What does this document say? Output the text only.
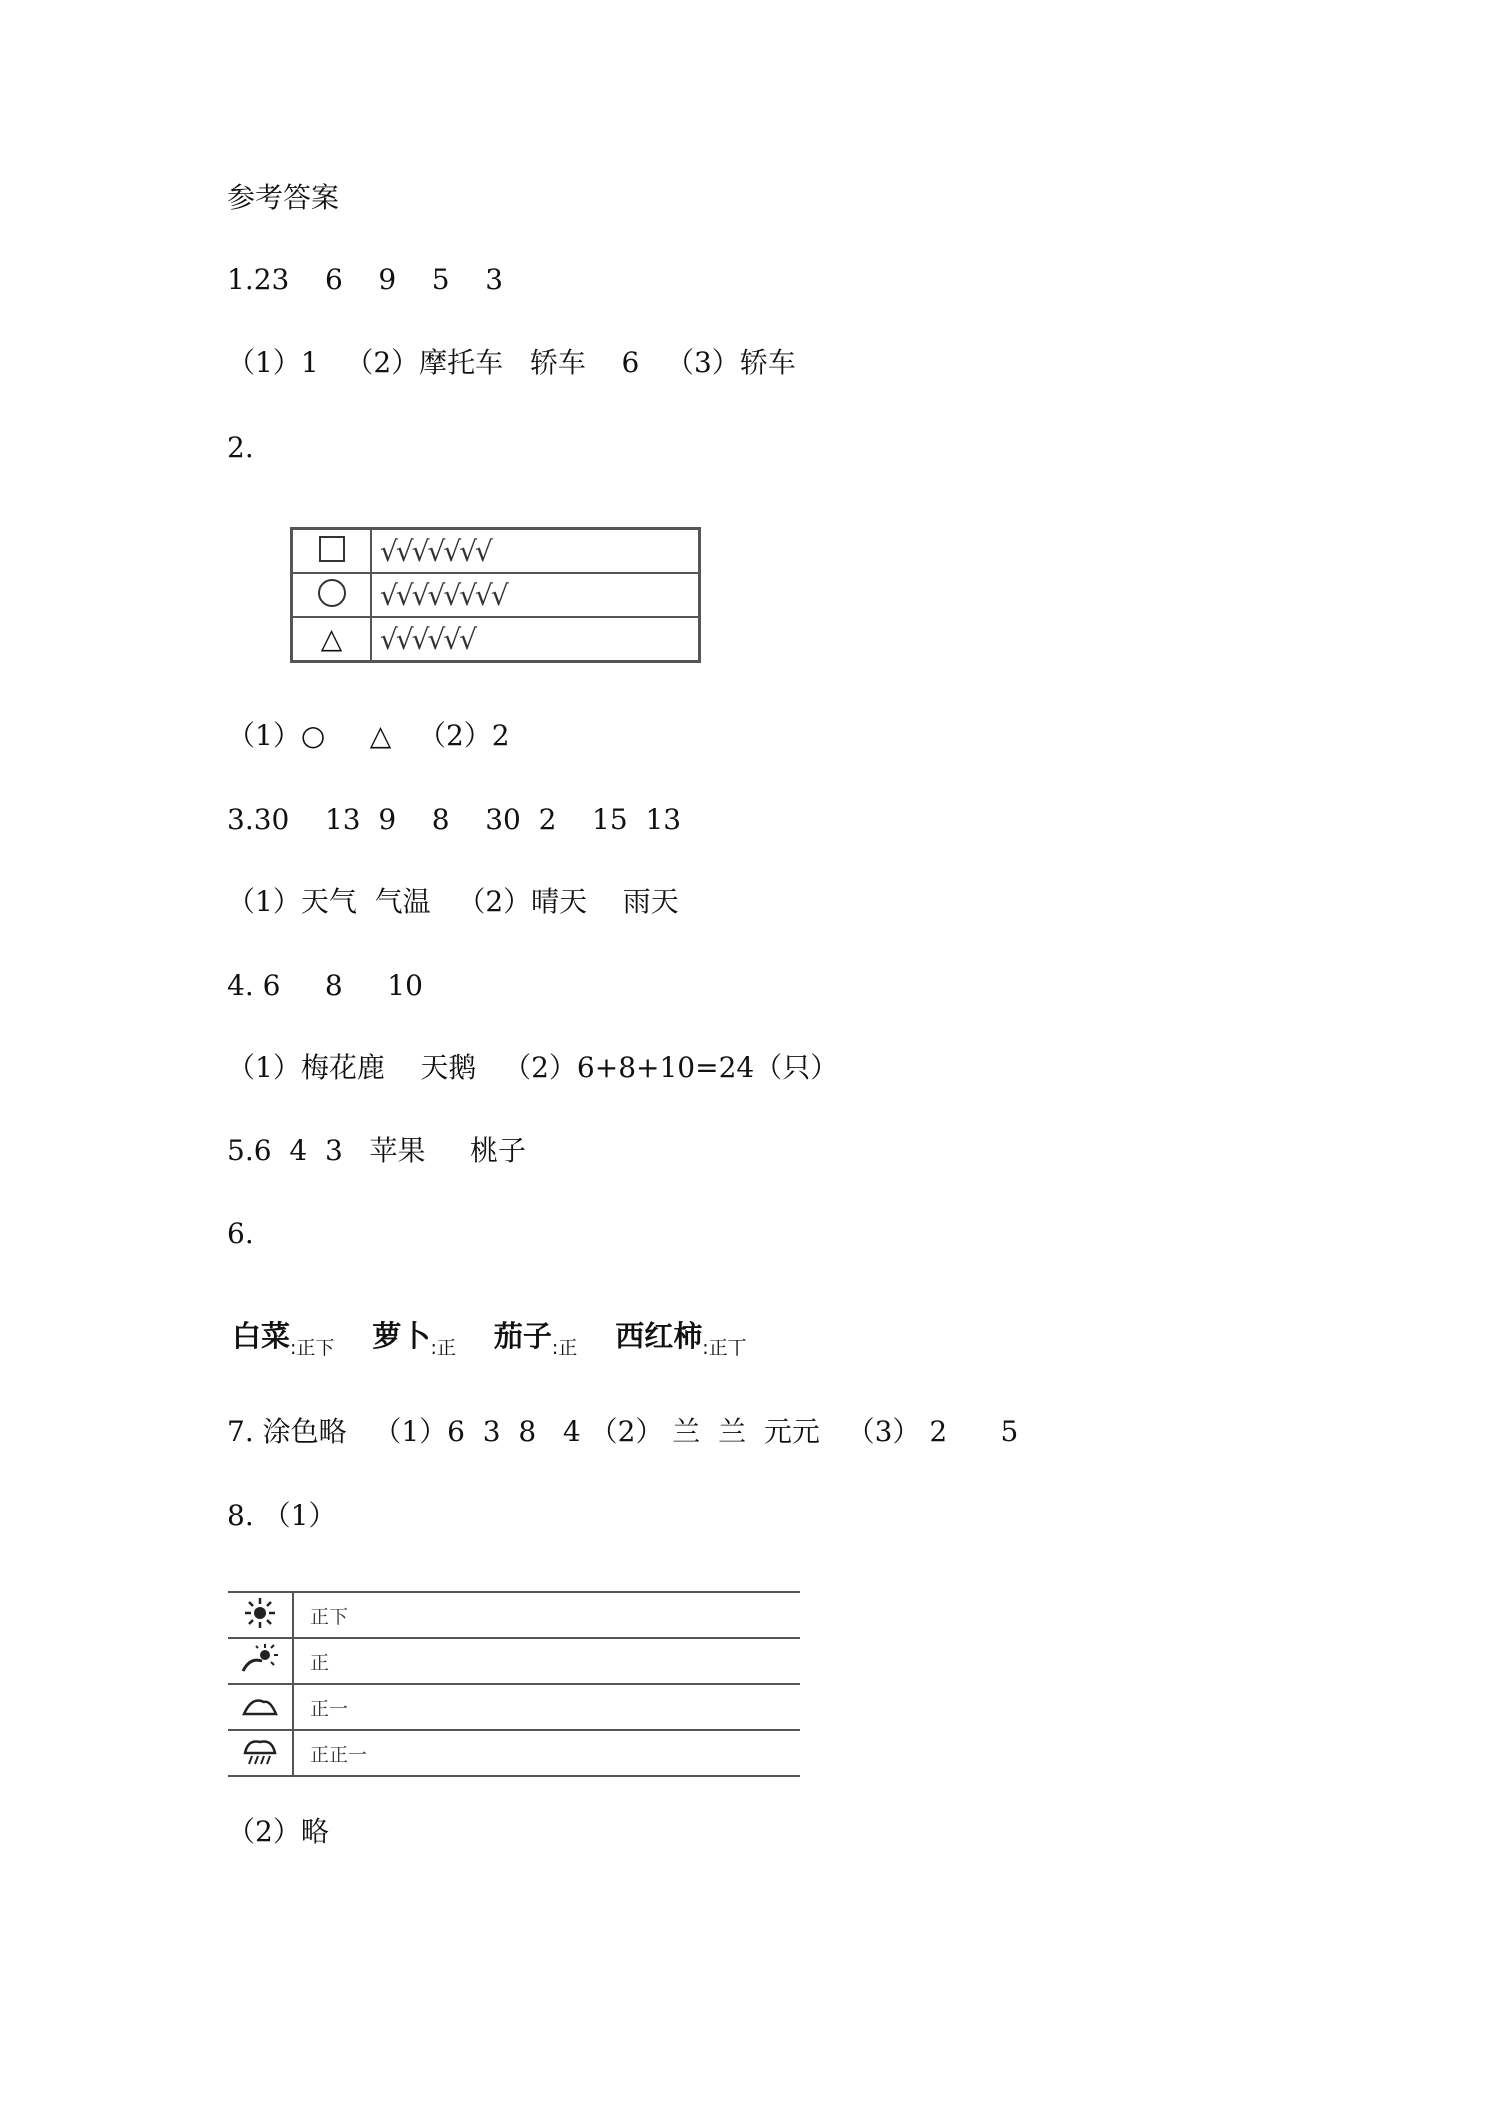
参考答案
1.23    6    9    5    3
（1）1   （2）摩托车   轿车    6   （3）轿车
2.
	√√√√√√√
	√√√√√√√√
△	√√√√√√
（1）○     △   （2）2
3.30    13  9    8    30  2    15  13
（1）天气  气温   （2）晴天    雨天
4. 6     8     10
（1）梅花鹿    天鹅   （2）6+8+10=24（只）
5.6  4  3   苹果     桃子
6.
白菜$_{:正下}$ 萝卜$_{:正}$ 茄子$_{:正}$ 西红柿$_{:正丅}$
7. 涂色略   （1）6  3  8   4 （2） 兰  兰  元元   （3） 2      5
8. （1）
	正下
	正
	正一
	正正一
（2）略
